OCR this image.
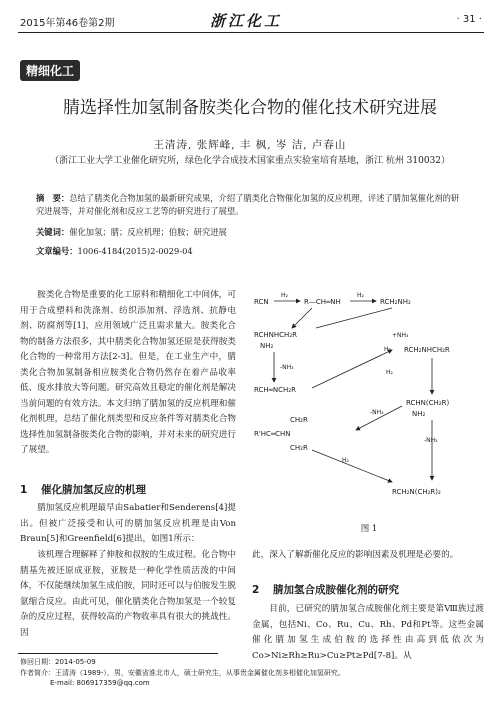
2015年第46卷第2期	浙江化工	· 31 ·
精细化工
腈选择性加氢制备胺类化合物的催化技术研究进展
王清涛, 张辉峰, 丰 枫, 岑 洁, 卢春山
（浙江工业大学工业催化研究所，绿色化学合成技术国家重点实验室培育基地，浙江 杭州 310032）
摘　要：总结了腈类化合物加氢的最新研究成果，介绍了腈类化合物催化加氢的反应机理，评述了腈加氢催化剂的研究进展等，并对催化剂和反应工艺等的研究进行了展望。
关键词：催化加氢；腈；反应机理；伯胺；研究进展
文章编号：1006-4184(2015)2-0029-04
胺类化合物是重要的化工原料和精细化工中间体，可用于合成塑料和洗涤剂、纺织添加剂、浮选剂、抗静电剂、防腐剂等[1]，应用领域广泛且需求量大。胺类化合物的制备方法很多，其中腈类化合物加氢还原是获得胺类化合物的一种常用方法[2-3]。但是，在工业生产中，腈类化合物加氢制备相应胺类化合物仍然存在着产品收率低、废水排放大等问题。研究高效且稳定的催化剂是解决当前问题的有效方法。本文归纳了腈加氢的反应机理和催化剂机理，总结了催化剂类型和反应条件等对腈类化合物选择性加氢制备胺类化合物的影响，并对未来的研究进行了展望。
1 催化腈加氢反应的机理
腈加氢反应机理最早由Sabatier和Senderens[4]提出。但被广泛接受和认可的腈加氢反应机理是由Von Braun[5]和Greenfield[6]提出，如图1所示：
该机理合理解释了伸胺和叔胺的生成过程。化合物中腈基先被还原成亚胺，亚胺是一种化学性质活泼的中间体，不仅能继续加氢生成伯胺，同时还可以与伯胺发生脱氨缩合反应。由此可见，催化腈类化合物加氢是一个较复杂的反应过程，获得较高的产物收率具有很大的挑战性。因
RCN
H₂
R—CH═NH
H₂
RCH₂NH₂
RCHNHCH₂R
NH₂
-NH₃
RCH═NCH₂R
+NH₃
H₂ RCH₂NHCH₂R
H₂
RCHN(CH₂R)
NH₂
-NH₃
CH₂R
R'HC═CHN
CH₂R
H₂
-NH₃
RCH₂N(CH₂R)₂
图 1
此，深入了解新催化反应的影响因素及机理是必要的。
2 腈加氢合成胺催化剂的研究
目前，已研究的腈加氢合成胺催化剂主要是第Ⅷ族过渡金属，包括Ni、Co、Ru、Cu、Rh、Pd和Pt等。这些金属催化腈加氢生成伯胺的选择性由高到低依次为Co>Ni≥Rh≥Ru>Cu≥Pt≥Pd[7-8]。从
修回日期：2014-05-09
作者简介：王清涛（1989-），男，安徽省淮北市人，硕士研究生，从事贵金属催化剂多相催化加氢研究。
E-mail: 806917359@qq.com
